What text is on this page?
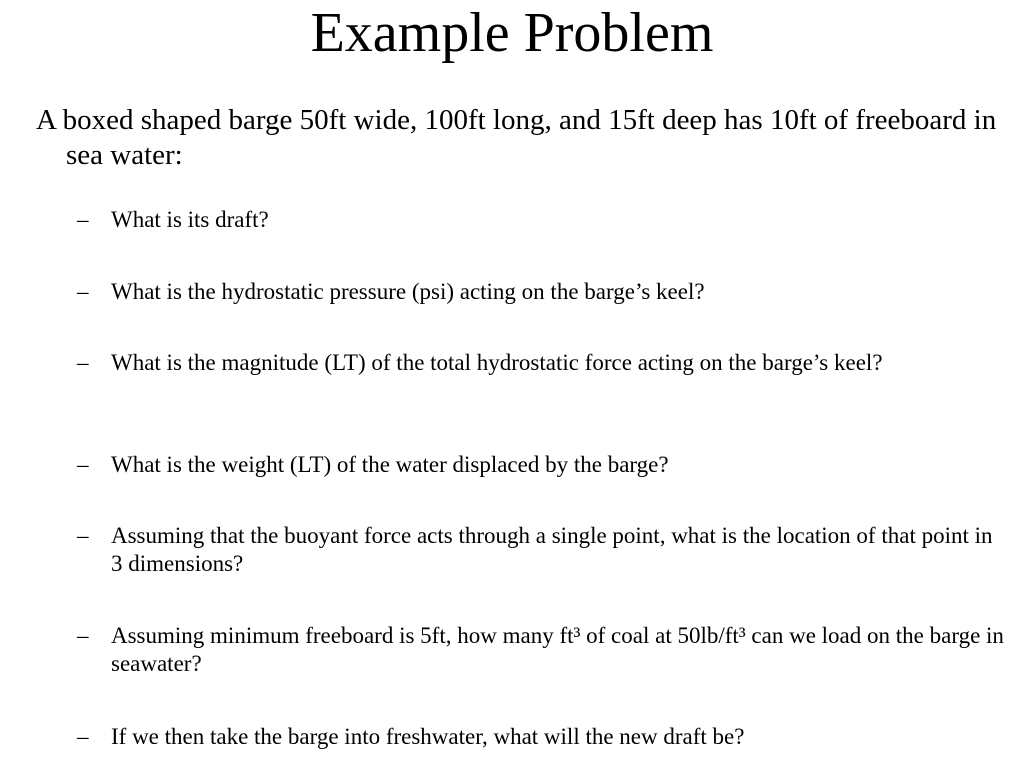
Example Problem

A boxed shaped barge 50ft wide, 100ft long, and 15ft deep has 10ft of freeboard in sea water:

– What is its draft?
– What is the hydrostatic pressure (psi) acting on the barge’s keel?
– What is the magnitude (LT) of the total hydrostatic force acting on the barge’s keel?
– What is the weight (LT) of the water displaced by the barge?
– Assuming that the buoyant force acts through a single point, what is the location of that point in 3 dimensions?
– Assuming minimum freeboard is 5ft, how many ft³ of coal at 50lb/ft³ can we load on the barge in seawater?
– If we then take the barge into freshwater, what will the new draft be?
